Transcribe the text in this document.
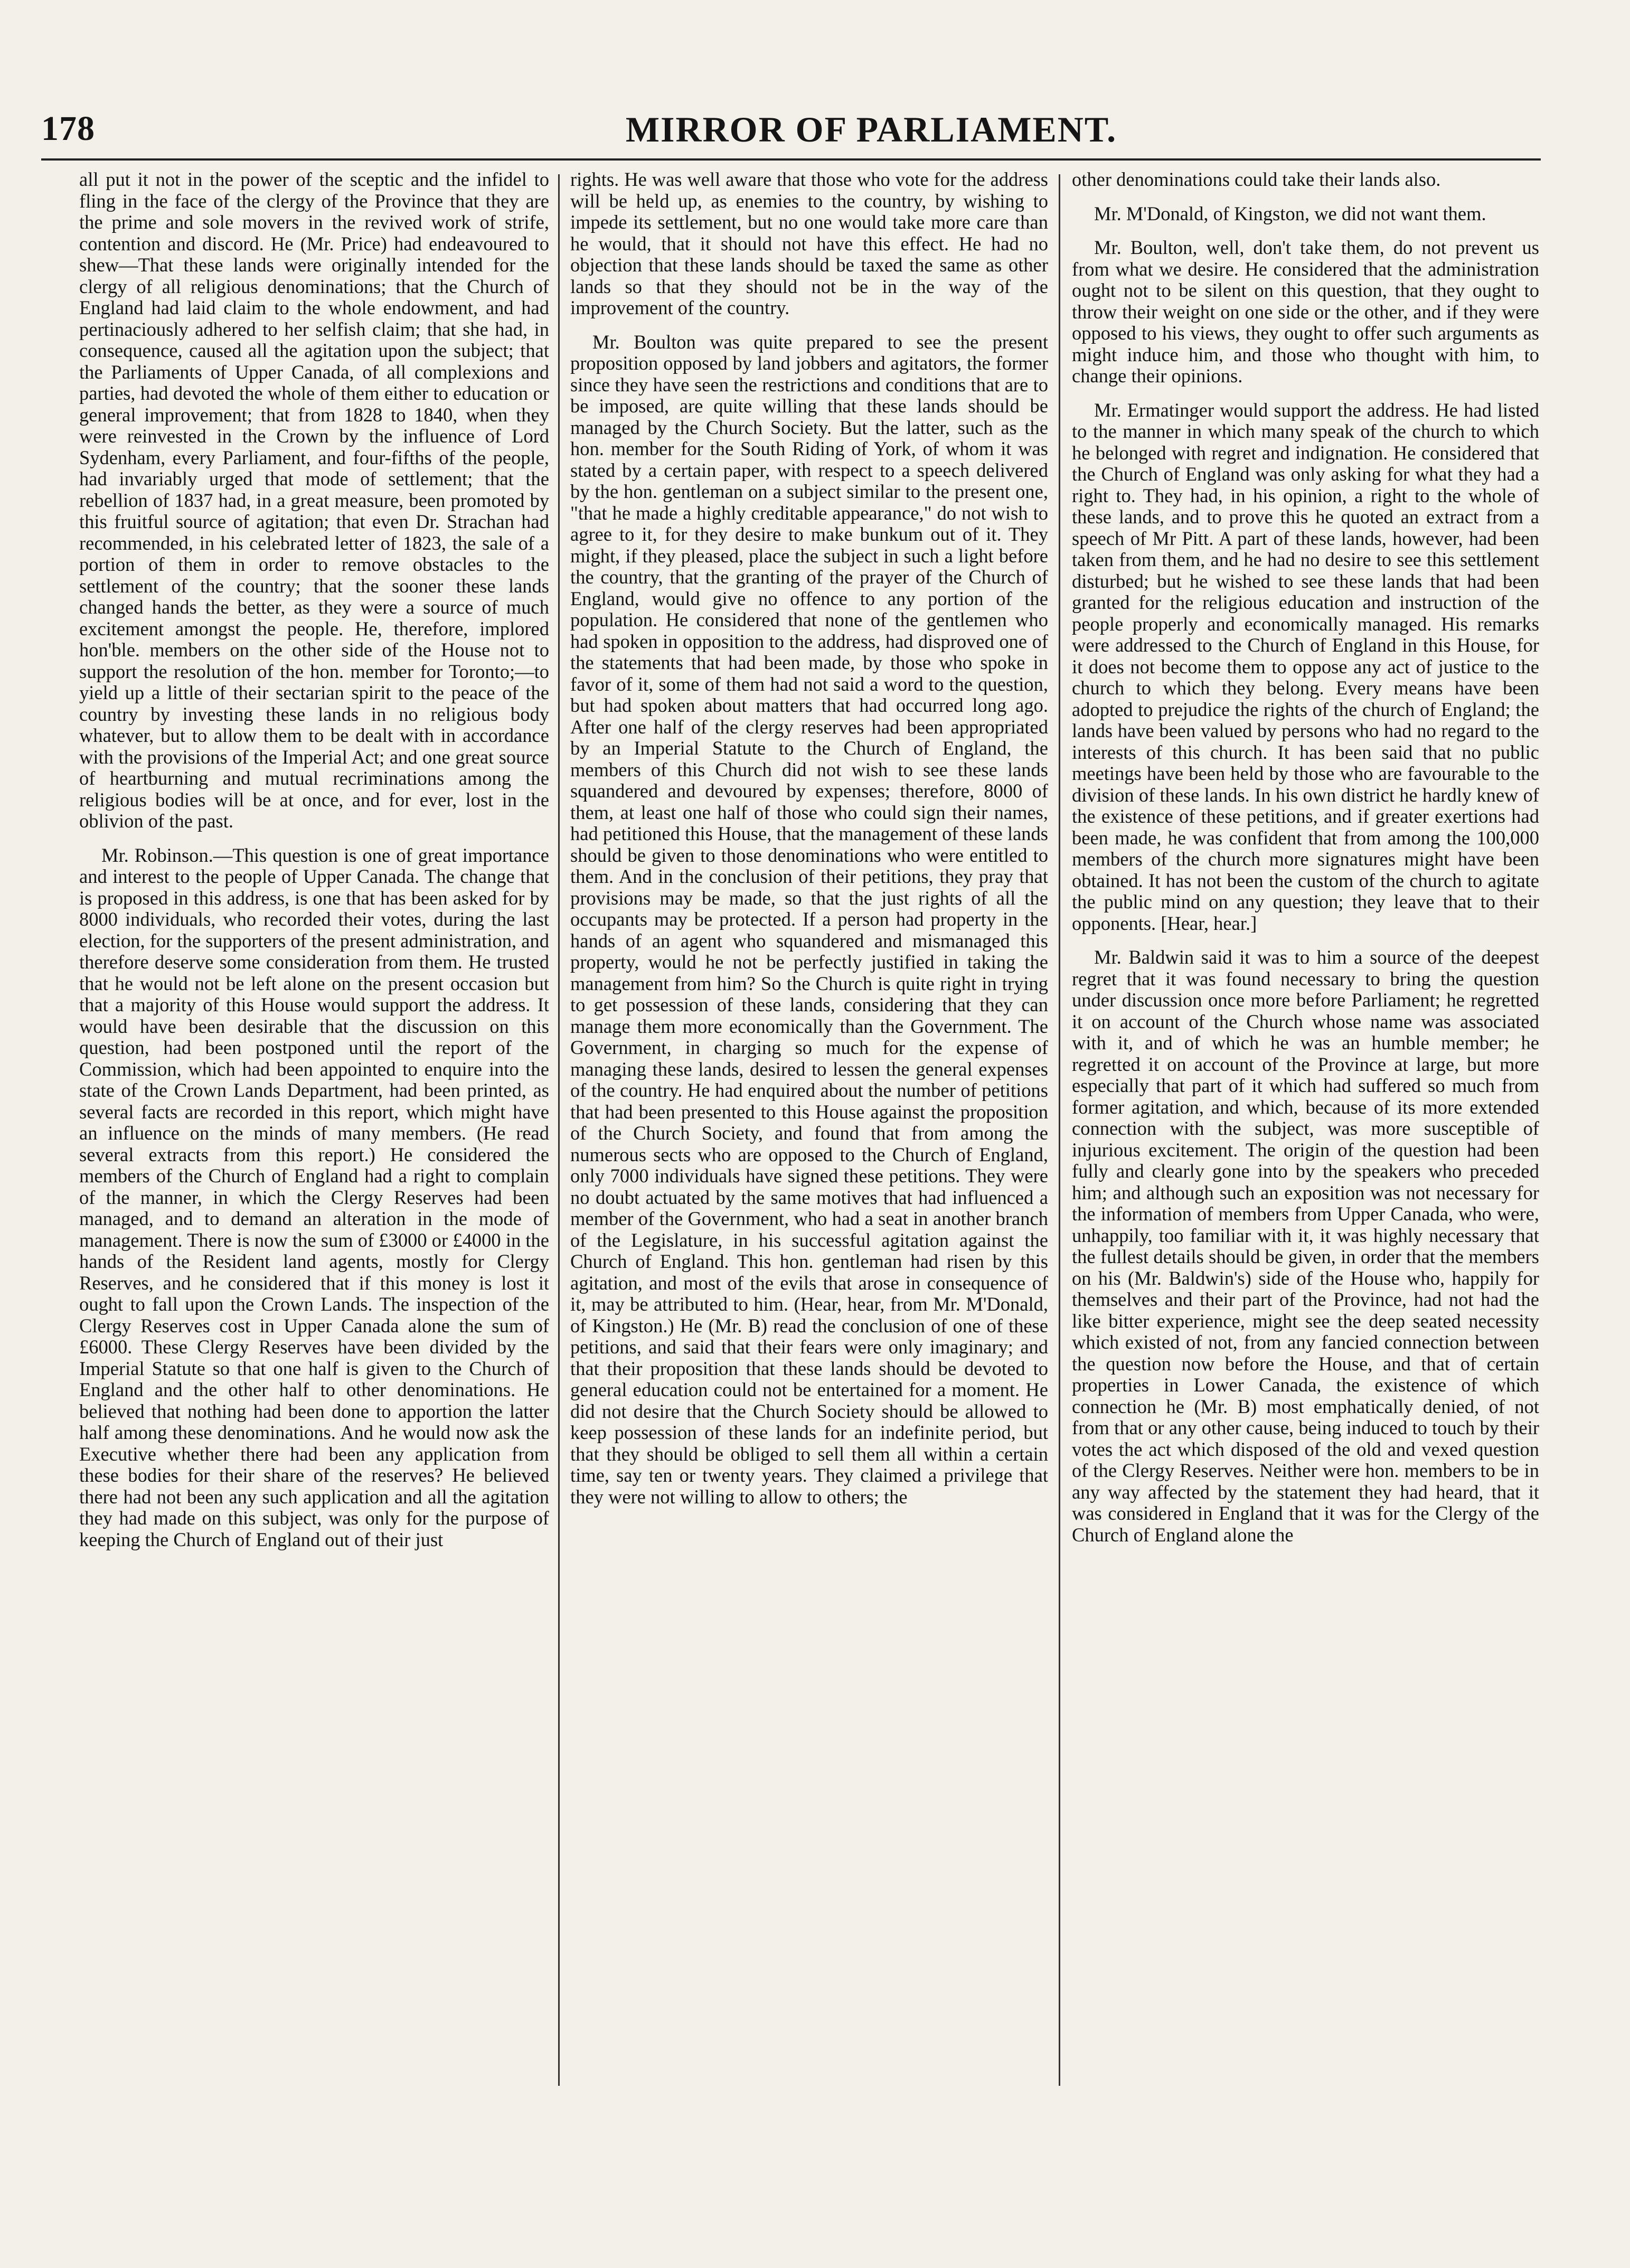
178	MIRROR OF PARLIAMENT.

all put it not in the power of the sceptic and the infidel to fling in the face of the clergy of the Province that they are the prime and sole movers in the revived work of strife, contention and discord. He (Mr. Price) had endeavoured to shew—That these lands were originally intended for the clergy of all religious denominations; that the Church of England had laid claim to the whole endowment, and had pertinaciously adhered to her selfish claim; that she had, in consequence, caused all the agitation upon the subject; that the Parliaments of Upper Canada, of all complexions and parties, had devoted the whole of them either to education or general improvement; that from 1828 to 1840, when they were reinvested in the Crown by the influence of Lord Sydenham, every Parliament, and four-fifths of the people, had invariably urged that mode of settlement; that the rebellion of 1837 had, in a great measure, been promoted by this fruitful source of agitation; that even Dr. Strachan had recommended, in his celebrated letter of 1823, the sale of a portion of them in order to remove obstacles to the settlement of the country; that the sooner these lands changed hands the better, as they were a source of much excitement amongst the people. He, therefore, implored hon'ble. members on the other side of the House not to support the resolution of the hon. member for Toronto;—to yield up a little of their sectarian spirit to the peace of the country by investing these lands in no religious body whatever, but to allow them to be dealt with in accordance with the provisions of the Imperial Act; and one great source of heartburning and mutual recriminations among the religious bodies will be at once, and for ever, lost in the oblivion of the past.

Mr. Robinson.—This question is one of great importance and interest to the people of Upper Canada. The change that is proposed in this address, is one that has been asked for by 8000 individuals, who recorded their votes, during the last election, for the supporters of the present administration, and therefore deserve some consideration from them. He trusted that he would not be left alone on the present occasion but that a majority of this House would support the address. It would have been desirable that the discussion on this question, had been postponed until the report of the Commission, which had been appointed to enquire into the state of the Crown Lands Department, had been printed, as several facts are recorded in this report, which might have an influence on the minds of many members. (He read several extracts from this report.) He considered the members of the Church of England had a right to complain of the manner, in which the Clergy Reserves had been managed, and to demand an alteration in the mode of management. There is now the sum of £3000 or £4000 in the hands of the Resident land agents, mostly for Clergy Reserves, and he considered that if this money is lost it ought to fall upon the Crown Lands. The inspection of the Clergy Reserves cost in Upper Canada alone the sum of £6000. These Clergy Reserves have been divided by the Imperial Statute so that one half is given to the Church of England and the other half to other denominations. He believed that nothing had been done to apportion the latter half among these denominations. And he would now ask the Executive whether there had been any application from these bodies for their share of the reserves? He believed there had not been any such application and all the agitation they had made on this subject, was only for the purpose of keeping the Church of England out of their just

rights. He was well aware that those who vote for the address will be held up, as enemies to the country, by wishing to impede its settlement, but no one would take more care than he would, that it should not have this effect. He had no objection that these lands should be taxed the same as other lands so that they should not be in the way of the improvement of the country.

Mr. Boulton was quite prepared to see the present proposition opposed by land jobbers and agitators, the former since they have seen the restrictions and conditions that are to be imposed, are quite willing that these lands should be managed by the Church Society. But the latter, such as the hon. member for the South Riding of York, of whom it was stated by a certain paper, with respect to a speech delivered by the hon. gentleman on a subject similar to the present one, "that he made a highly creditable appearance," do not wish to agree to it, for they desire to make bunkum out of it. They might, if they pleased, place the subject in such a light before the country, that the granting of the prayer of the Church of England, would give no offence to any portion of the population. He considered that none of the gentlemen who had spoken in opposition to the address, had disproved one of the statements that had been made, by those who spoke in favor of it, some of them had not said a word to the question, but had spoken about matters that had occurred long ago. After one half of the clergy reserves had been appropriated by an Imperial Statute to the Church of England, the members of this Church did not wish to see these lands squandered and devoured by expenses; therefore, 8000 of them, at least one half of those who could sign their names, had petitioned this House, that the management of these lands should be given to those denominations who were entitled to them. And in the conclusion of their petitions, they pray that provisions may be made, so that the just rights of all the occupants may be protected. If a person had property in the hands of an agent who squandered and mismanaged this property, would he not be perfectly justified in taking the management from him? So the Church is quite right in trying to get possession of these lands, considering that they can manage them more economically than the Government. The Government, in charging so much for the expense of managing these lands, desired to lessen the general expenses of the country. He had enquired about the number of petitions that had been presented to this House against the proposition of the Church Society, and found that from among the numerous sects who are opposed to the Church of England, only 7000 individuals have signed these petitions. They were no doubt actuated by the same motives that had influenced a member of the Government, who had a seat in another branch of the Legislature, in his successful agitation against the Church of England. This hon. gentleman had risen by this agitation, and most of the evils that arose in consequence of it, may be attributed to him. (Hear, hear, from Mr. M'Donald, of Kingston.) He (Mr. B) read the conclusion of one of these petitions, and said that their fears were only imaginary; and that their proposition that these lands should be devoted to general education could not be entertained for a moment. He did not desire that the Church Society should be allowed to keep possession of these lands for an indefinite period, but that they should be obliged to sell them all within a certain time, say ten or twenty years. They claimed a privilege that they were not willing to allow to others; the

other denominations could take their lands also.

Mr. M'Donald, of Kingston, we did not want them.

Mr. Boulton, well, don't take them, do not prevent us from what we desire. He considered that the administration ought not to be silent on this question, that they ought to throw their weight on one side or the other, and if they were opposed to his views, they ought to offer such arguments as might induce him, and those who thought with him, to change their opinions.

Mr. Ermatinger would support the address. He had listed to the manner in which many speak of the church to which he belonged with regret and indignation. He considered that the Church of England was only asking for what they had a right to. They had, in his opinion, a right to the whole of these lands, and to prove this he quoted an extract from a speech of Mr Pitt. A part of these lands, however, had been taken from them, and he had no desire to see this settlement disturbed; but he wished to see these lands that had been granted for the religious education and instruction of the people properly and economically managed. His remarks were addressed to the Church of England in this House, for it does not become them to oppose any act of justice to the church to which they belong. Every means have been adopted to prejudice the rights of the church of England; the lands have been valued by persons who had no regard to the interests of this church. It has been said that no public meetings have been held by those who are favourable to the division of these lands. In his own district he hardly knew of the existence of these petitions, and if greater exertions had been made, he was confident that from among the 100,000 members of the church more signatures might have been obtained. It has not been the custom of the church to agitate the public mind on any question; they leave that to their opponents. [Hear, hear.]

Mr. Baldwin said it was to him a source of the deepest regret that it was found necessary to bring the question under discussion once more before Parliament; he regretted it on account of the Church whose name was associated with it, and of which he was an humble member; he regretted it on account of the Province at large, but more especially that part of it which had suffered so much from former agitation, and which, because of its more extended connection with the subject, was more susceptible of injurious excitement. The origin of the question had been fully and clearly gone into by the speakers who preceded him; and although such an exposition was not necessary for the information of members from Upper Canada, who were, unhappily, too familiar with it, it was highly necessary that the fullest details should be given, in order that the members on his (Mr. Baldwin's) side of the House who, happily for themselves and their part of the Province, had not had the like bitter experience, might see the deep seated necessity which existed of not, from any fancied connection between the question now before the House, and that of certain properties in Lower Canada, the existence of which connection he (Mr. B) most emphatically denied, of not from that or any other cause, being induced to touch by their votes the act which disposed of the old and vexed question of the Clergy Reserves. Neither were hon. members to be in any way affected by the statement they had heard, that it was considered in England that it was for the Clergy of the Church of England alone the
